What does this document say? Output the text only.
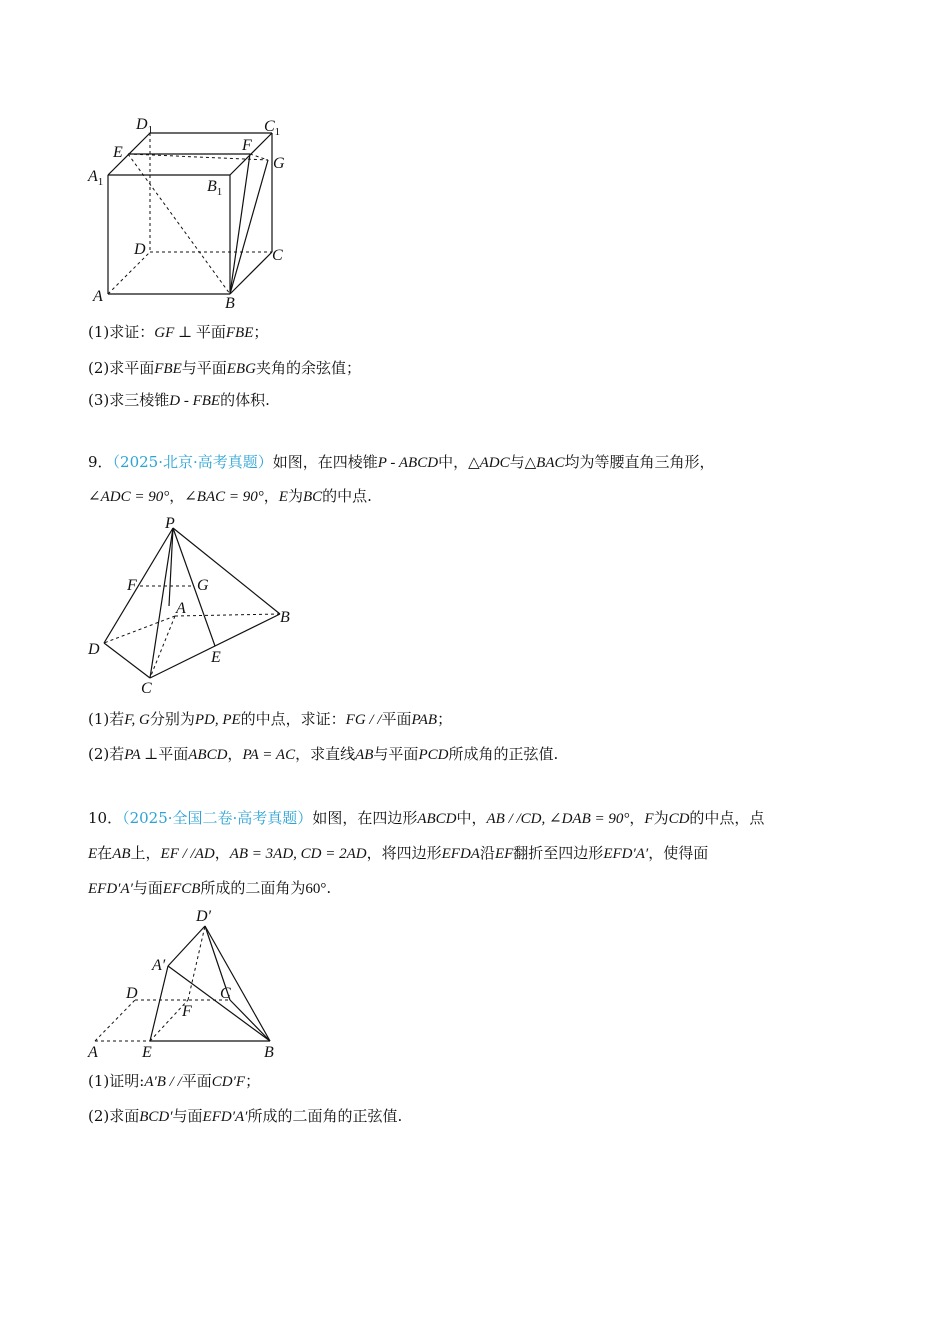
$D_1$	$C_1$
E	F
G
$A_1$	$B_1$
D	C
A	B
(1)求证：GF ⊥ 平面FBE；
(2)求平面FBE与平面EBG夹角的余弦值；
(3)求三棱锥D - FBE的体积.
9．（2025·北京·高考真题）如图，在四棱锥P - ABCD中，△ADC与△BAC均为等腰直角三角形，
∠ADC = 90°，∠BAC = 90°，E为BC的中点.
P
F	G
A
B
D	E
C
(1)若F, G分别为PD, PE的中点，求证：FG / /平面PAB；
(2)若PA ⊥平面ABCD，PA = AC，求直线AB与平面PCD所成角的正弦值.
10．（2025·全国二卷·高考真题）如图，在四边形ABCD中，AB / /CD, ∠DAB = 90°，F为CD的中点，点
E在AB上，EF / /AD，AB = 3AD, CD = 2AD，将四边形EFDA沿EF翻折至四边形EFD′A′，使得面
EFD′A′与面EFCB所成的二面角为60°.
D′
A′
D	C
F
A	E	B
(1)证明:A′B / /平面CD′F；
(2)求面BCD′与面EFD′A′所成的二面角的正弦值.
